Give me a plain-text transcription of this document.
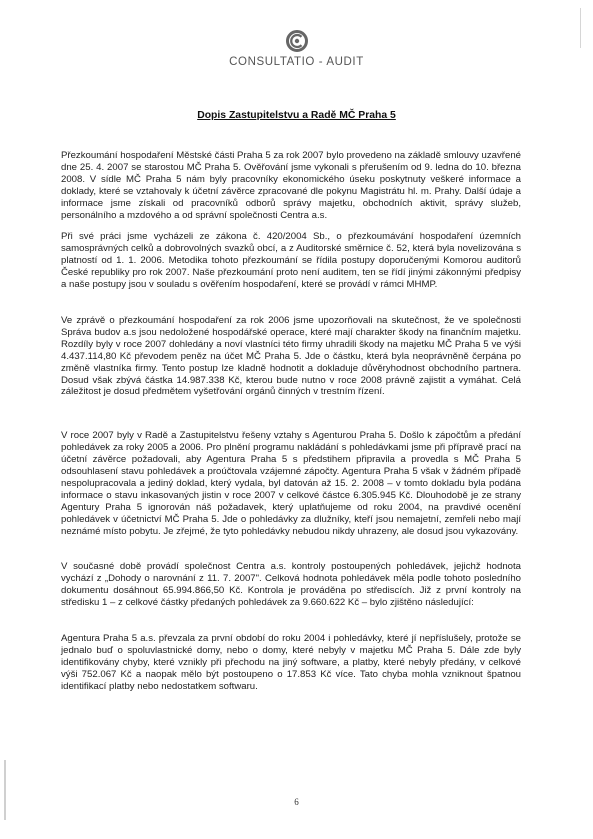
CONSULTATIO - AUDIT
Dopis Zastupitelstvu a Radě MČ Praha 5

Přezkoumání hospodaření Městské části Praha 5 za rok 2007 bylo provedeno na základě smlouvy uzavřené dne 25. 4. 2007 se starostou MČ Praha 5. Ověřování jsme vykonali s přerušením od 9. ledna do 10. března 2008. V sídle MČ Praha 5 nám byly pracovníky ekonomického úseku poskytnuty veškeré informace a doklady, které se vztahovaly k účetní závěrce zpracované dle pokynu Magistrátu hl. m. Prahy. Další údaje a informace jsme získali od pracovníků odborů správy majetku, obchodních aktivit, správy služeb, personálního a mzdového a od správní společnosti Centra a.s.

Při své práci jsme vycházeli ze zákona č. 420/2004 Sb., o přezkoumávání hospodaření územních samosprávných celků a dobrovolných svazků obcí, a z Auditorské směrnice č. 52, která byla novelizována s platností od 1. 1. 2006. Metodika tohoto přezkoumání se řídila postupy doporučenými Komorou auditorů České republiky pro rok 2007. Naše přezkoumání proto není auditem, ten se řídí jinými zákonnými předpisy a naše postupy jsou v souladu s ověřením hospodaření, které se provádí v rámci MHMP.

Ve zprávě o přezkoumání hospodaření za rok 2006 jsme upozorňovali na skutečnost, že ve společnosti Správa budov a.s jsou nedoložené hospodářské operace, které mají charakter škody na finančním majetku. Rozdíly byly v roce 2007 dohledány a noví vlastníci této firmy uhradili škody na majetku MČ Praha 5 ve výši 4.437.114,80 Kč převodem peněz na účet MČ Praha 5. Jde o částku, která byla neoprávněně čerpána po změně vlastníka firmy. Tento postup lze kladně hodnotit a dokladuje důvěryhodnost obchodního partnera. Dosud však zbývá částka 14.987.338 Kč, kterou bude nutno v roce 2008 právně zajistit a vymáhat. Celá záležitost je dosud předmětem vyšetřování orgánů činných v trestním řízení.

V roce 2007 byly v Radě a Zastupitelstvu řešeny vztahy s Agenturou Praha 5. Došlo k zápočtům a předání pohledávek za roky 2005 a 2006. Pro plnění programu nakládání s pohledávkami jsme při přípravě prací na účetní závěrce požadovali, aby Agentura Praha 5 s předstihem připravila a provedla s MČ Praha 5 odsouhlasení stavu pohledávek a proúčtovala vzájemné zápočty. Agentura Praha 5 však v žádném případě nespolupracovala a jediný doklad, který vydala, byl datován až 15. 2. 2008 – v tomto dokladu byla podána informace o stavu inkasovaných jistin v roce 2007 v celkové částce 6.305.945 Kč. Dlouhodobě je ze strany Agentury Praha 5 ignorován náš požadavek, který uplatňujeme od roku 2004, na pravdivé ocenění pohledávek v účetnictví MČ Praha 5. Jde o pohledávky za dlužníky, kteří jsou nemajetní, zemřeli nebo mají neznámé místo pobytu. Je zřejmé, že tyto pohledávky nebudou nikdy uhrazeny, ale dosud jsou vykazovány.

V současné době provádí společnost Centra a.s. kontroly postoupených pohledávek, jejichž hodnota vychází z „Dohody o narovnání z 11. 7. 2007". Celková hodnota pohledávek měla podle tohoto posledního dokumentu dosáhnout 65.994.866,50 Kč. Kontrola je prováděna po střediscích. Již z první kontroly na středisku 1 – z celkové částky předaných pohledávek za 9.660.622 Kč – bylo zjištěno následující:

Agentura Praha 5 a.s. převzala za první období do roku 2004 i pohledávky, které jí nepříslušely, protože se jednalo buď o spoluvlastnické domy, nebo o domy, které nebyly v majetku MČ Praha 5. Dále zde byly identifikovány chyby, které vznikly při přechodu na jiný software, a platby, které nebyly předány, v celkové výši 752.067 Kč a naopak mělo být postoupeno o 17.853 Kč více. Tato chyba mohla vzniknout špatnou identifikací platby nebo nedostatkem softwaru.

6
